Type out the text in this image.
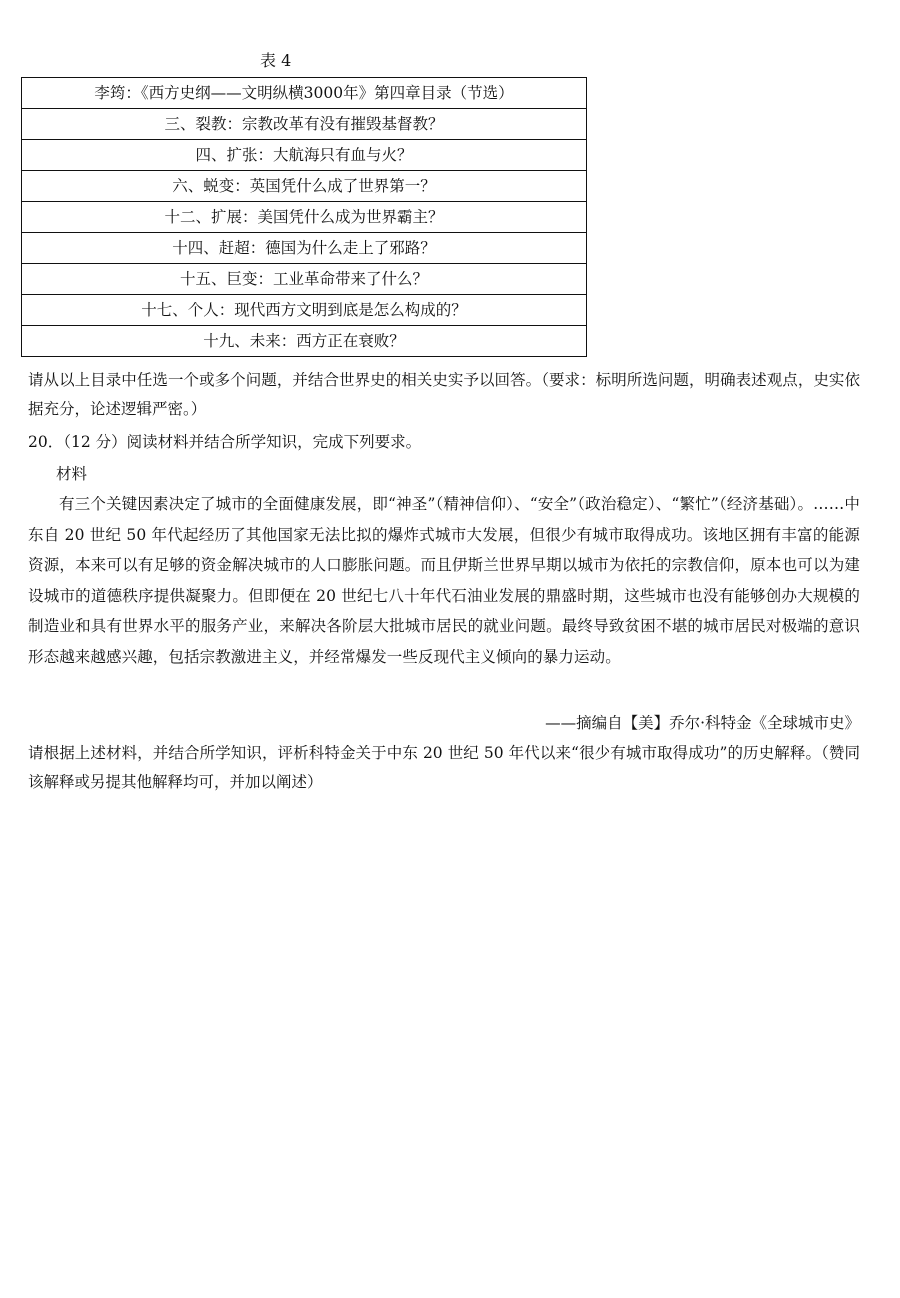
表 4
李筠：《西方史纲——文明纵横3000年》第四章目录（节选）
三、裂教：宗教改革有没有摧毁基督教？
四、扩张：大航海只有血与火？
六、蜕变：英国凭什么成了世界第一？
十二、扩展：美国凭什么成为世界霸主？
十四、赶超：德国为什么走上了邪路？
十五、巨变：工业革命带来了什么？
十七、个人：现代西方文明到底是怎么构成的？
十九、未来：西方正在衰败？

请从以上目录中任选一个或多个问题，并结合世界史的相关史实予以回答。（要求：标明所选问题，明确表述观点，史实依据充分，论述逻辑严密。）

20．（12 分）阅读材料并结合所学知识，完成下列要求。

材料

有三个关键因素决定了城市的全面健康发展，即“神圣”（精神信仰）、“安全”（政治稳定）、“繁忙”（经济基础）。……中东自 20 世纪 50 年代起经历了其他国家无法比拟的爆炸式城市大发展，但很少有城市取得成功。该地区拥有丰富的能源资源，本来可以有足够的资金解决城市的人口膨胀问题。而且伊斯兰世界早期以城市为依托的宗教信仰，原本也可以为建设城市的道德秩序提供凝聚力。但即便在 20 世纪七八十年代石油业发展的鼎盛时期，这些城市也没有能够创办大规模的制造业和具有世界水平的服务产业，来解决各阶层大批城市居民的就业问题。最终导致贫困不堪的城市居民对极端的意识形态越来越感兴趣，包括宗教激进主义，并经常爆发一些反现代主义倾向的暴力运动。

——摘编自【美】乔尔·科特金《全球城市史》

请根据上述材料，并结合所学知识，评析科特金关于中东 20 世纪 50 年代以来“很少有城市取得成功”的历史解释。（赞同该解释或另提其他解释均可，并加以阐述）
